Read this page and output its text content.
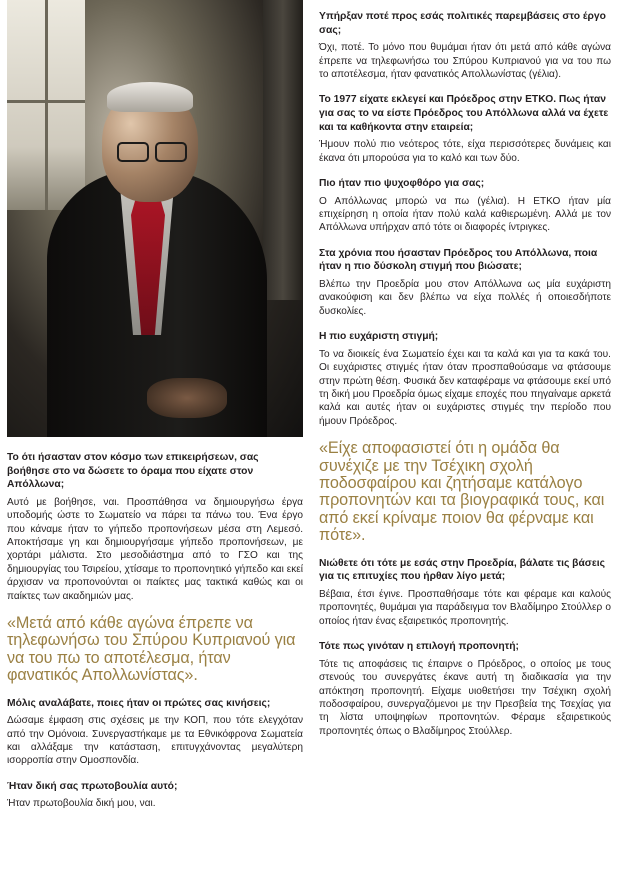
Το ότι ήσασταν στον κόσμο των επικειρήσεων, σας βοήθησε στο να δώσετε το όραμα που είχατε στον Απόλλωνα;

Αυτό με βοήθησε, ναι. Προσπάθησα να δημιουργήσω έργα υποδομής ώστε το Σωματείο να πάρει τα πάνω του. Ένα έργο που κάναμε ήταν το γήπεδο προπονήσεων μέσα στη Λεμεσό. Αποκτήσαμε γη και δημιουργήσαμε γήπεδο προπονήσεων, με χορτάρι μάλιστα. Στο μεσοδιάστημα από το ΓΣΟ και της δημιουργίας του Τσιρείου, χτίσαμε το προπονητικό γήπεδο και εκεί άρχισαν να προπονούνται οι παίκτες μας τακτικά καθώς και οι παίκτες των ακαδημιών μας.

«Μετά από κάθε αγώνα έπρεπε να τηλεφωνήσω του Σπύρου Κυπριανού για να του πω το αποτέλεσμα, ήταν φανατικός Απολλωνίστας».

Μόλις αναλάβατε, ποιες ήταν οι πρώτες σας κινήσεις;

Δώσαμε έμφαση στις σχέσεις με την ΚΟΠ, που τότε ελεγχόταν από την Ομόνοια. Συνεργαστήκαμε με τα Εθνικόφρονα Σωματεία και αλλάξαμε την κατάσταση, επιτυγχάνοντας μεγαλύτερη ισορροπία στην Ομοσπονδία.

Ήταν δική σας πρωτοβουλία αυτό;

Ήταν πρωτοβουλία δική μου, ναι.

Υπήρξαν ποτέ προς εσάς πολιτικές παρεμβάσεις στο έργο σας;

Όχι, ποτέ. Το μόνο που θυμάμαι ήταν ότι μετά από κάθε αγώνα έπρεπε να τηλεφωνήσω του Σπύρου Κυπριανού για να του πω το αποτέλεσμα, ήταν φανατικός Απολλωνίστας (γέλια).

Το 1977 είχατε εκλεγεί και Πρόεδρος στην ΕΤΚΟ. Πως ήταν για σας το να είστε Πρόεδρος του Απόλλωνα αλλά να έχετε και τα καθήκοντα στην εταιρεία;

Ήμουν πολύ πιο νεότερος τότε, είχα περισσότερες δυνάμεις και έκανα ότι μπορούσα για το καλό και των δύο.

Πιο ήταν πιο ψυχοφθόρο για σας;

Ο Απόλλωνας μπορώ να πω (γέλια). Η ΕΤΚΟ ήταν μία επιχείρηση η οποία ήταν πολύ καλά καθιερωμένη. Αλλά με τον Απόλλωνα υπήρχαν από τότε οι διαφορές ίντριγκες.

Στα χρόνια που ήσασταν Πρόεδρος του Απόλλωνα, ποια ήταν η πιο δύσκολη στιγμή που βιώσατε;

Βλέπω την Προεδρία μου στον Απόλλωνα ως μία ευχάριστη ανακούφιση και δεν βλέπω να είχα πολλές ή οποιεσδήποτε δυσκολίες.

Η πιο ευχάριστη στιγμή;

Το να διοικείς ένα Σωματείο έχει και τα καλά και για τα κακά του. Οι ευχάριστες στιγμές ήταν όταν προσπαθούσαμε να φτάσουμε στην πρώτη θέση. Φυσικά δεν καταφέραμε να φτάσουμε εκεί υπό τη δική μου Προεδρία όμως είχαμε εποχές που πηγαίναμε αρκετά καλά και αυτές ήταν οι ευχάριστες στιγμές την περίοδο που ήμουν Πρόεδρος.

«Είχε αποφασιστεί ότι η ομάδα θα συνέχιζε με την Τσέχικη σχολή ποδοσφαίρου και ζητήσαμε κατάλογο προπονητών και τα βιογραφικά τους, και από εκεί κρίναμε ποιον θα φέρναμε και πότε».

Νιώθετε ότι τότε με εσάς στην Προεδρία, βάλατε τις βάσεις για τις επιτυχίες που ήρθαν λίγο μετά;

Βέβαια, έτσι έγινε. Προσπαθήσαμε τότε και φέραμε και καλούς προπονητές, θυμάμαι για παράδειγμα τον Βλαδίμηρο Στούλλερ ο οποίος ήταν ένας εξαιρετικός προπονητής.

Τότε πως γινόταν η επιλογή προπονητή;

Τότε τις αποφάσεις τις έπαιρνε ο Πρόεδρος, ο οποίος με τους στενούς του συνεργάτες έκανε αυτή τη διαδικασία για την απόκτηση προπονητή. Είχαμε υιοθετήσει την Τσέχικη σχολή ποδοσφαίρου, συνεργαζόμενοι με την Πρεσβεία της Τσεχίας για τη λίστα υποψηφίων προπονητών. Φέραμε εξαιρετικούς προπονητές όπως ο Βλαδίμηρος Στούλλερ.
